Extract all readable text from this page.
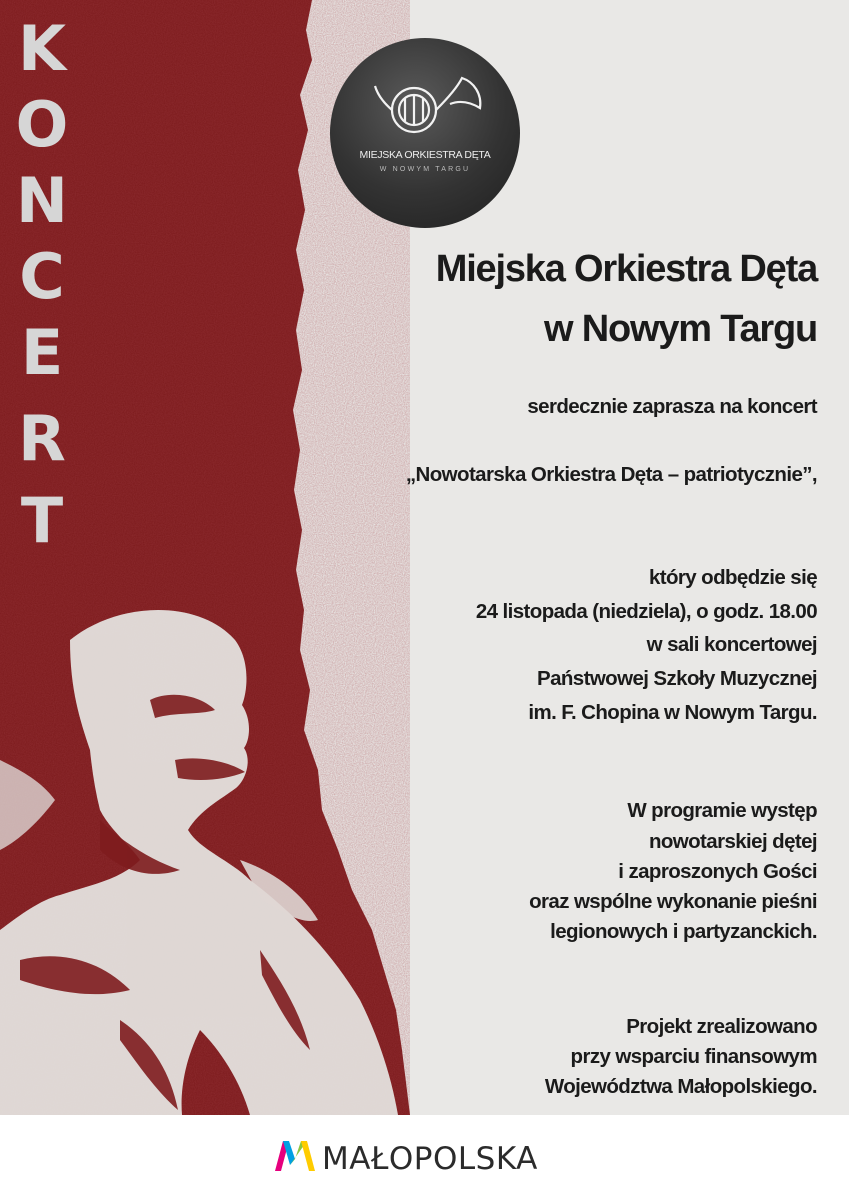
K
O
N
C
E
R
T
MIEJSKA ORKIESTRA DĘTA
W NOWYM TARGU
Miejska Orkiestra Dęta
w Nowym Targu
serdecznie zaprasza na koncert
„Nowotarska Orkiestra Dęta – patriotycznie”,
który odbędzie się
24 listopada (niedziela), o godz. 18.00
w sali koncertowej
Państwowej Szkoły Muzycznej
im. F. Chopina w Nowym Targu.
W programie występ
nowotarskiej dętej
i zaproszonych Gości
oraz wspólne wykonanie pieśni
legionowych i partyzanckich.
Projekt zrealizowano
przy wsparciu finansowym
Województwa Małopolskiego.
MAŁOPOLSKA
